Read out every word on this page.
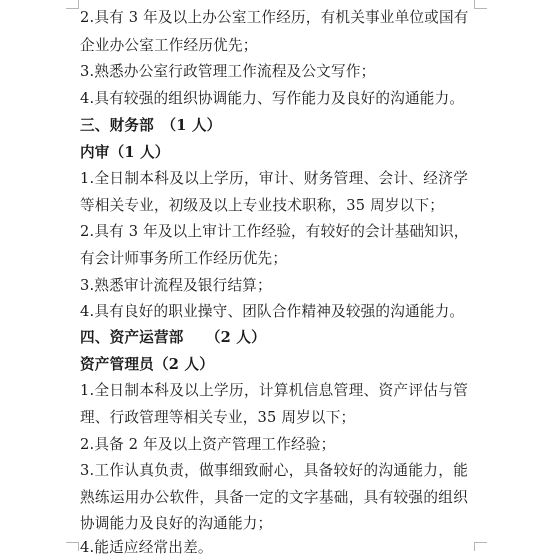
2.具有 3 年及以上办公室工作经历，有机关事业单位或国有
企业办公室工作经历优先；
3.熟悉办公室行政管理工作流程及公文写作；
4.具有较强的组织协调能力、写作能力及良好的沟通能力。
三、财务部　（1 人）
内审（1 人）
1.全日制本科及以上学历，审计、财务管理、会计、经济学
等相关专业，初级及以上专业技术职称，35 周岁以下；
2.具有 3 年及以上审计工作经验，有较好的会计基础知识，
有会计师事务所工作经历优先；
3.熟悉审计流程及银行结算；
4.具有良好的职业操守、团队合作精神及较强的沟通能力。
四、资产运营部　　（2 人）
资产管理员（2 人）
1.全日制本科及以上学历，计算机信息管理、资产评估与管
理、行政管理等相关专业，35 周岁以下；
2.具备 2 年及以上资产管理工作经验；
3.工作认真负责，做事细致耐心，具备较好的沟通能力，能
熟练运用办公软件，具备一定的文字基础，具有较强的组织
协调能力及良好的沟通能力；
4.能适应经常出差。
